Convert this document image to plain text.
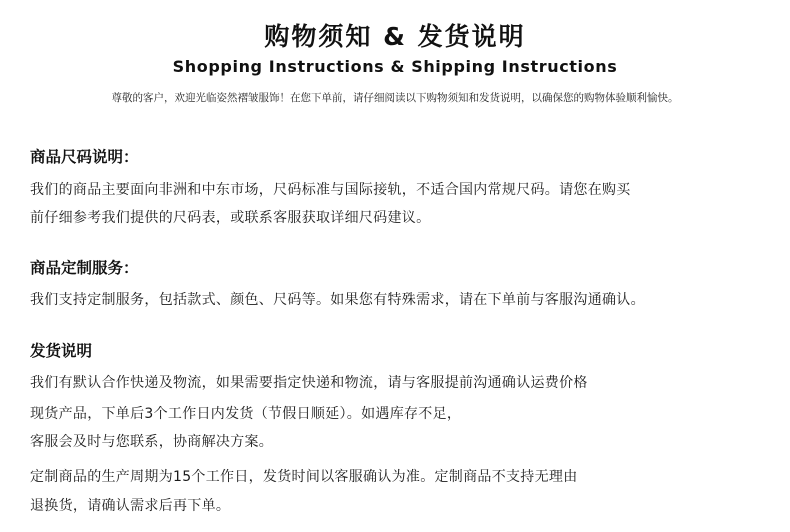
购物须知 & 发货说明
Shopping Instructions & Shipping Instructions
尊敬的客户，欢迎光临姿然褶皱服饰！在您下单前，请仔细阅读以下购物须知和发货说明，以确保您的购物体验顺利愉快。
商品尺码说明：
我们的商品主要面向非洲和中东市场，尺码标准与国际接轨，不适合国内常规尺码。请您在购买
前仔细参考我们提供的尺码表，或联系客服获取详细尺码建议。
商品定制服务：
我们支持定制服务，包括款式、颜色、尺码等。如果您有特殊需求，请在下单前与客服沟通确认。
发货说明
我们有默认合作快递及物流，如果需要指定快递和物流，请与客服提前沟通确认运费价格
现货产品，下单后3个工作日内发货（节假日顺延）。如遇库存不足，
客服会及时与您联系，协商解决方案。
定制商品的生产周期为15个工作日，发货时间以客服确认为准。定制商品不支持无理由
退换货，请确认需求后再下单。
